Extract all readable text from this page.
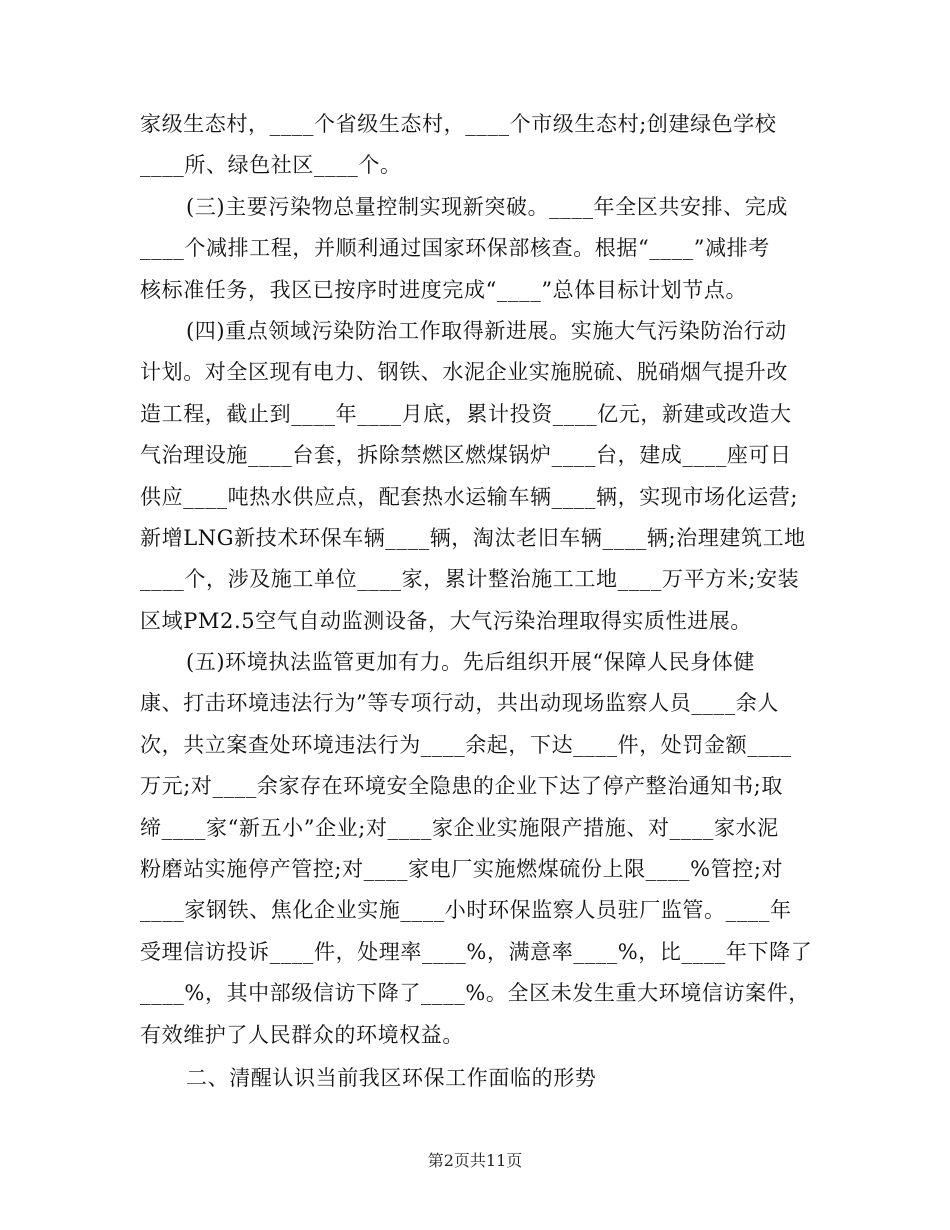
家级生态村，____个省级生态村，____个市级生态村;创建绿色学校
____所、绿色社区____个。
(三)主要污染物总量控制实现新突破。____年全区共安排、完成
____个减排工程，并顺利通过国家环保部核查。根据“____”减排考
核标准任务，我区已按序时进度完成“____”总体目标计划节点。
(四)重点领域污染防治工作取得新进展。实施大气污染防治行动
计划。对全区现有电力、钢铁、水泥企业实施脱硫、脱硝烟气提升改
造工程，截止到____年____月底，累计投资____亿元，新建或改造大
气治理设施____台套，拆除禁燃区燃煤锅炉____台，建成____座可日
供应____吨热水供应点，配套热水运输车辆____辆，实现市场化运营;
新增LNG新技术环保车辆____辆，淘汰老旧车辆____辆;治理建筑工地
____个，涉及施工单位____家，累计整治施工工地____万平方米;安装
区域PM2.5空气自动监测设备，大气污染治理取得实质性进展。
(五)环境执法监管更加有力。先后组织开展“保障人民身体健
康、打击环境违法行为”等专项行动，共出动现场监察人员____余人
次，共立案查处环境违法行为____余起，下达____件，处罚金额____
万元;对____余家存在环境安全隐患的企业下达了停产整治通知书;取
缔____家“新五小”企业;对____家企业实施限产措施、对____家水泥
粉磨站实施停产管控;对____家电厂实施燃煤硫份上限____%管控;对
____家钢铁、焦化企业实施____小时环保监察人员驻厂监管。____年
受理信访投诉____件，处理率____%，满意率____%，比____年下降了
____%，其中部级信访下降了____%。全区未发生重大环境信访案件，
有效维护了人民群众的环境权益。
二、清醒认识当前我区环保工作面临的形势
第2页共11页
